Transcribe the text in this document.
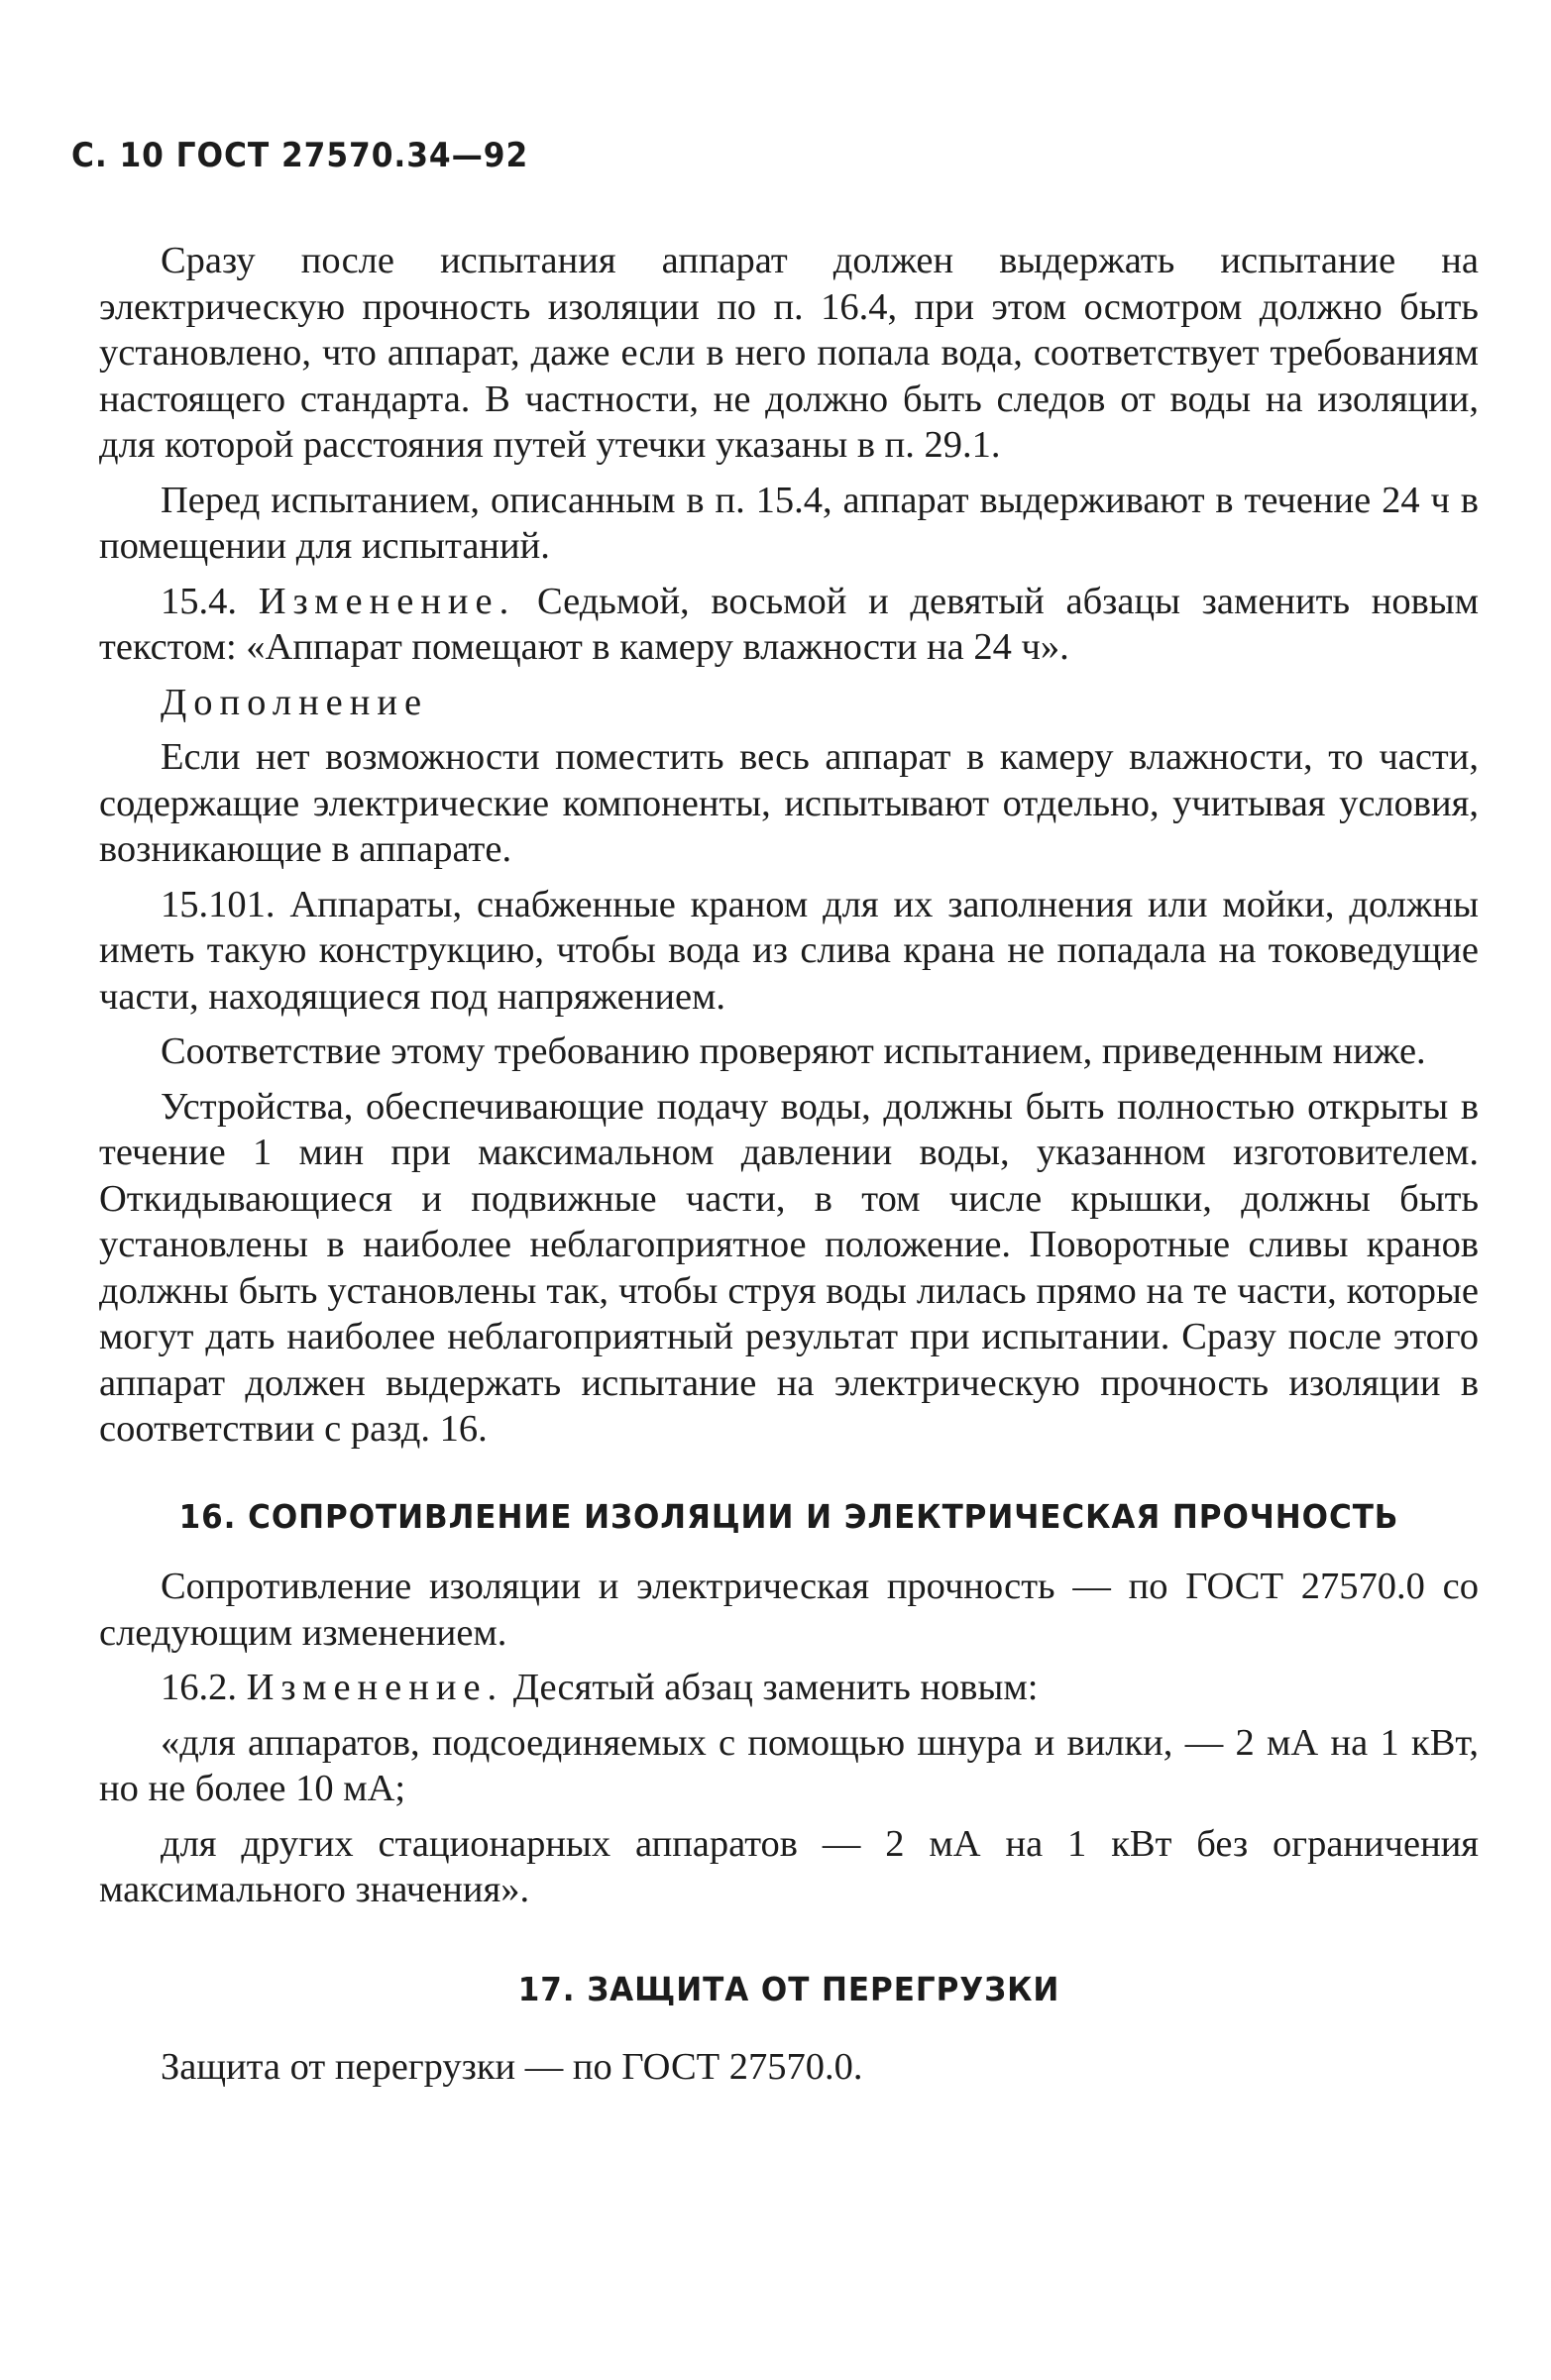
С. 10 ГОСТ 27570.34—92

Сразу после испытания аппарат должен выдержать испытание на электрическую прочность изоляции по п. 16.4, при этом осмотром должно быть установлено, что аппарат, даже если в него попала вода, соответствует требованиям настоящего стандарта. В частности, не должно быть следов от воды на изоляции, для которой расстояния путей утечки указаны в п. 29.1.

Перед испытанием, описанным в п. 15.4, аппарат выдерживают в течение 24 ч в помещении для испытаний.

15.4. Изменение. Седьмой, восьмой и девятый абзацы заменить новым текстом: «Аппарат помещают в камеру влажности на 24 ч».

Дополнение

Если нет возможности поместить весь аппарат в камеру влажности, то части, содержащие электрические компоненты, испытывают отдельно, учитывая условия, возникающие в аппарате.

15.101. Аппараты, снабженные краном для их заполнения или мойки, должны иметь такую конструкцию, чтобы вода из слива крана не попадала на токоведущие части, находящиеся под напряжением.

Соответствие этому требованию проверяют испытанием, приведенным ниже.

Устройства, обеспечивающие подачу воды, должны быть полностью открыты в течение 1 мин при максимальном давлении воды, указанном изготовителем. Откидывающиеся и подвижные части, в том числе крышки, должны быть установлены в наиболее неблагоприятное положение. Поворотные сливы кранов должны быть установлены так, чтобы струя воды лилась прямо на те части, которые могут дать наиболее неблагоприятный результат при испытании. Сразу после этого аппарат должен выдержать испытание на электрическую прочность изоляции в соответствии с разд. 16.

16. СОПРОТИВЛЕНИЕ ИЗОЛЯЦИИ И ЭЛЕКТРИЧЕСКАЯ ПРОЧНОСТЬ

Сопротивление изоляции и электрическая прочность — по ГОСТ 27570.0 со следующим изменением.

16.2. Изменение. Десятый абзац заменить новым:

«для аппаратов, подсоединяемых с помощью шнура и вилки, — 2 мА на 1 кВт, но не более 10 мА;

для других стационарных аппаратов — 2 мА на 1 кВт без ограничения максимального значения».

17. ЗАЩИТА ОТ ПЕРЕГРУЗКИ

Защита от перегрузки — по ГОСТ 27570.0.
